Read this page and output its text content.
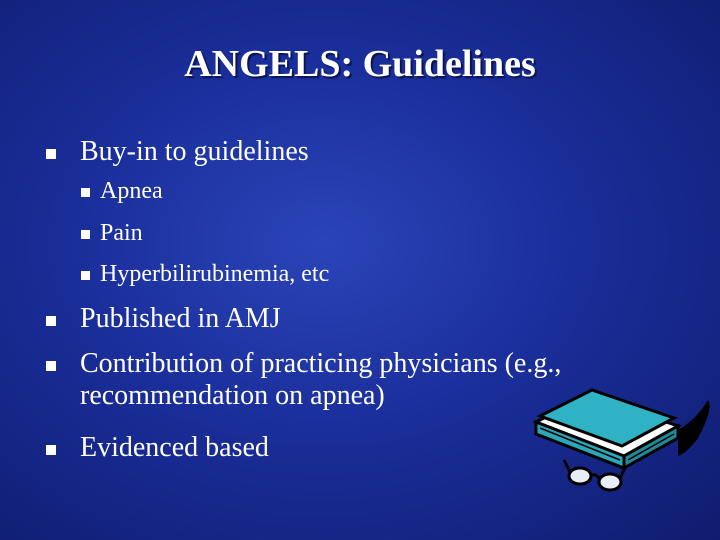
ANGELS: Guidelines
Buy-in to guidelines
Apnea
Pain
Hyperbilirubinemia, etc
Published in AMJ
Contribution of practicing physicians (e.g.,
recommendation on apnea)
Evidenced based
